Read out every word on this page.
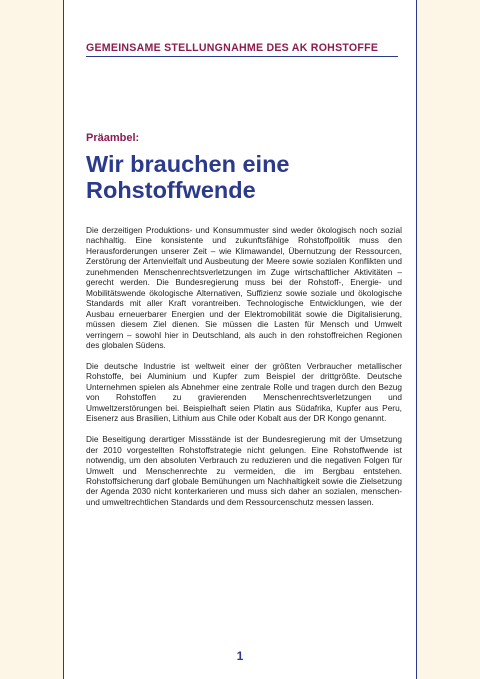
GEMEINSAME STELLUNGNAHME DES AK ROHSTOFFE
Präambel:
Wir brauchen eine
Rohstoffwende

Die derzeitigen Produktions- und Konsummuster sind weder ökologisch noch sozial nachhaltig. Eine konsistente und zukunftsfähige Rohstoffpolitik muss den Herausforderungen unserer Zeit – wie Klimawandel, Übernutzung der Ressourcen, Zerstörung der Artenvielfalt und Ausbeutung der Meere sowie sozialen Konflikten und zunehmenden Menschenrechtsverletzungen im Zuge wirtschaftlicher Aktivitäten – gerecht werden. Die Bundesregierung muss bei der Rohstoff-, Energie- und Mobilitätswende ökologische Alternativen, Suffizienz sowie soziale und ökologische Standards mit aller Kraft vorantreiben. Technologische Entwicklungen, wie der Ausbau erneuerbarer Energien und der Elektromobilität sowie die Digitalisierung, müssen diesem Ziel dienen. Sie müssen die Lasten für Mensch und Umwelt verringern – sowohl hier in Deutschland, als auch in den rohstoffreichen Regionen des globalen Südens.

Die deutsche Industrie ist weltweit einer der größten Verbraucher metallischer Rohstoffe, bei Aluminium und Kupfer zum Beispiel der drittgrößte. Deutsche Unternehmen spielen als Abnehmer eine zentrale Rolle und tragen durch den Bezug von Rohstoffen zu gravierenden Menschenrechtsverletzungen und Umweltzerstörungen bei. Beispielhaft seien Platin aus Südafrika, Kupfer aus Peru, Eisenerz aus Brasilien, Lithium aus Chile oder Kobalt aus der DR Kongo genannt.

Die Beseitigung derartiger Missstände ist der Bundesregierung mit der Umsetzung der 2010 vorgestellten Rohstoffstrategie nicht gelungen. Eine Rohstoffwende ist notwendig, um den absoluten Verbrauch zu reduzieren und die negativen Folgen für Umwelt und Menschenrechte zu vermeiden, die im Bergbau entstehen. Rohstoffsicherung darf globale Bemühungen um Nachhaltigkeit sowie die Zielsetzung der Agenda 2030 nicht konterkarieren und muss sich daher an sozialen, menschen- und umweltrechtlichen Standards und dem Ressourcenschutz messen lassen.

1
